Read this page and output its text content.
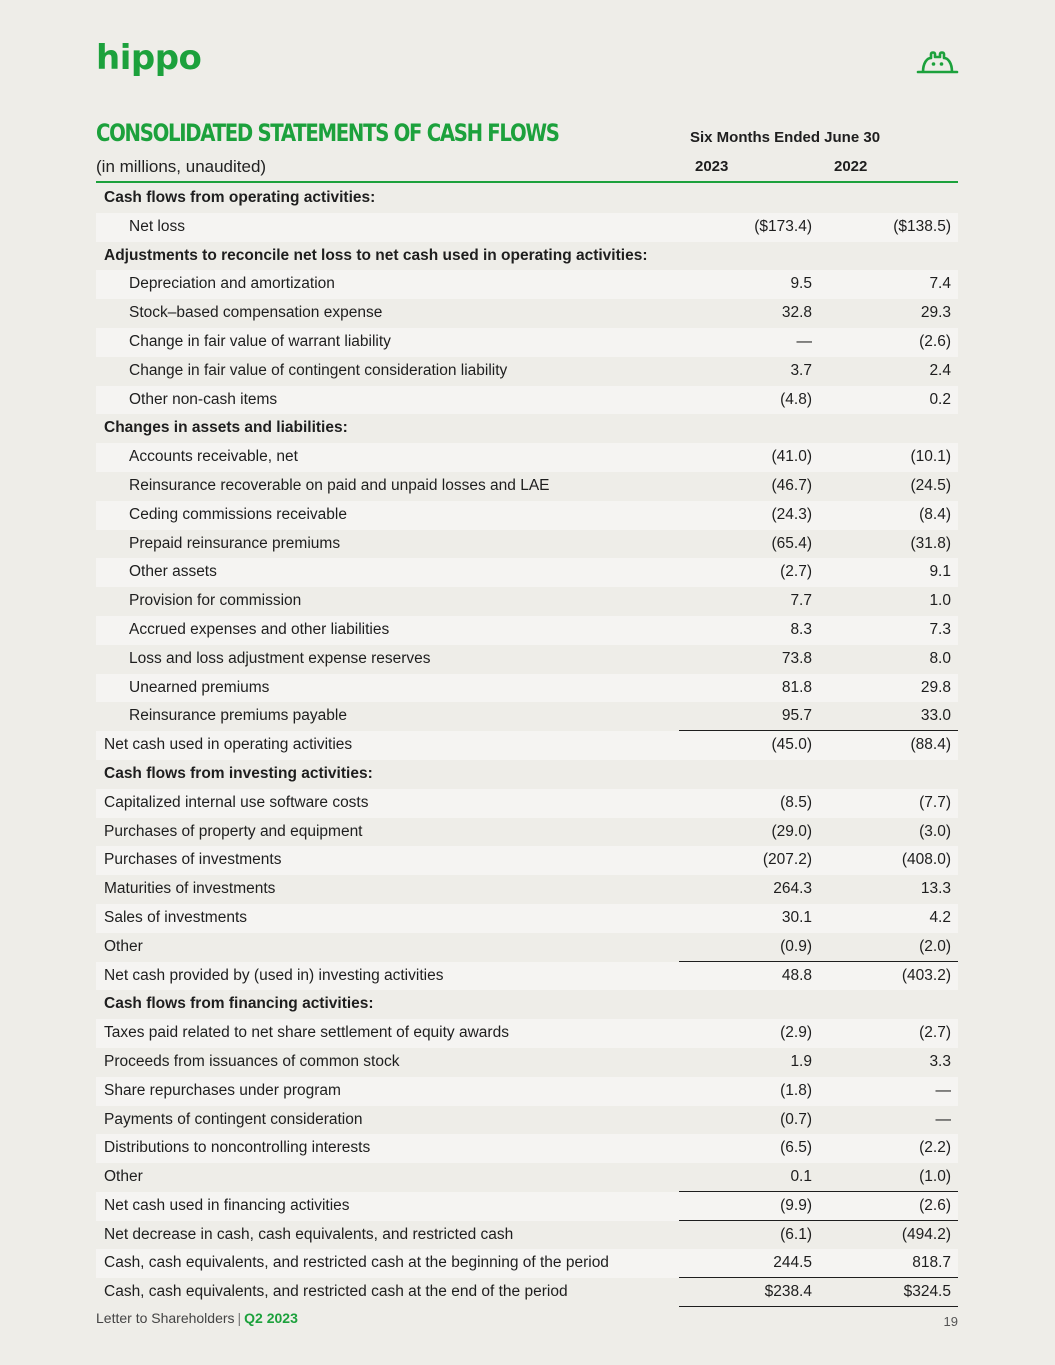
hippo
CONSOLIDATED STATEMENTS OF CASH FLOWS
(in millions, unaudited)
Six Months Ended June 30
2023	2022
Cash flows from operating activities:
Net loss	($173.4)	($138.5)
Adjustments to reconcile net loss to net cash used in operating activities:
Depreciation and amortization	9.5	7.4
Stock–based compensation expense	32.8	29.3
Change in fair value of warrant liability	—	(2.6)
Change in fair value of contingent consideration liability	3.7	2.4
Other non-cash items	(4.8)	0.2
Changes in assets and liabilities:
Accounts receivable, net	(41.0)	(10.1)
Reinsurance recoverable on paid and unpaid losses and LAE	(46.7)	(24.5)
Ceding commissions receivable	(24.3)	(8.4)
Prepaid reinsurance premiums	(65.4)	(31.8)
Other assets	(2.7)	9.1
Provision for commission	7.7	1.0
Accrued expenses and other liabilities	8.3	7.3
Loss and loss adjustment expense reserves	73.8	8.0
Unearned premiums	81.8	29.8
Reinsurance premiums payable	95.7	33.0
Net cash used in operating activities	(45.0)	(88.4)
Cash flows from investing activities:
Capitalized internal use software costs	(8.5)	(7.7)
Purchases of property and equipment	(29.0)	(3.0)
Purchases of investments	(207.2)	(408.0)
Maturities of investments	264.3	13.3
Sales of investments	30.1	4.2
Other	(0.9)	(2.0)
Net cash provided by (used in) investing activities	48.8	(403.2)
Cash flows from financing activities:
Taxes paid related to net share settlement of equity awards	(2.9)	(2.7)
Proceeds from issuances of common stock	1.9	3.3
Share repurchases under program	(1.8)	—
Payments of contingent consideration	(0.7)	—
Distributions to noncontrolling interests	(6.5)	(2.2)
Other	0.1	(1.0)
Net cash used in financing activities	(9.9)	(2.6)
Net decrease in cash, cash equivalents, and restricted cash	(6.1)	(494.2)
Cash, cash equivalents, and restricted cash at the beginning of the period	244.5	818.7
Cash, cash equivalents, and restricted cash at the end of the period	$238.4	$324.5
Letter to Shareholders | Q2 2023	19
